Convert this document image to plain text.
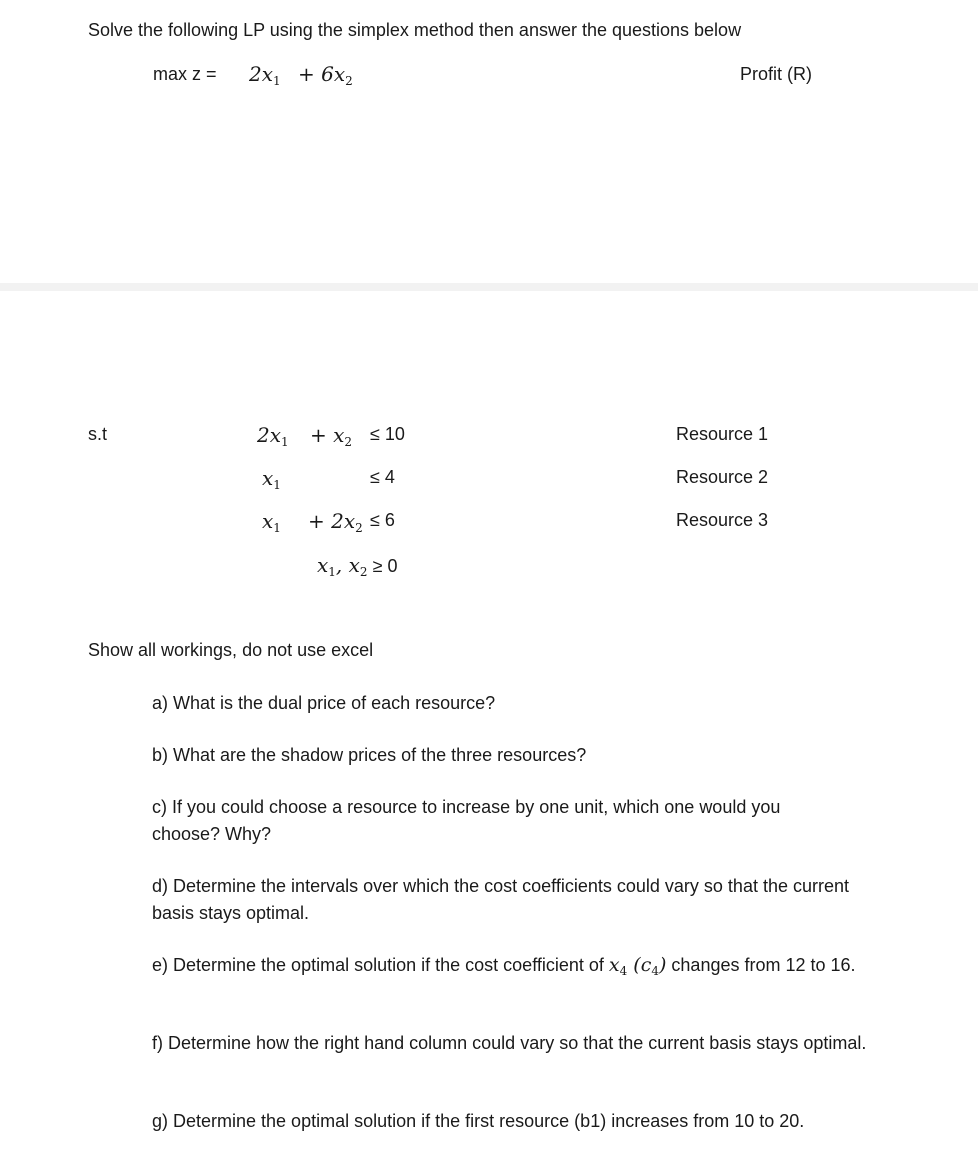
Solve the following LP using the simplex method then answer the questions below
$\max z = 2x_1 + 6x_2$	Profit (R)
s.t	$2x_1 + x_2 \le 10$	Resource 1
$x_1$	≤ 4	Resource 2
$x_1 + 2x_2 \le 6$	Resource 3
$x_1$, $x_2 \ge 0$
Show all workings, do not use excel
a) What is the dual price of each resource?
b) What are the shadow prices of the three resources?
c) If you could choose a resource to increase by one unit, which one would you choose? Why?
d) Determine the intervals over which the cost coefficients could vary so that the current basis stays optimal.
e) Determine the optimal solution if the cost coefficient of $x_4$ $(c_4)$ changes from 12 to 16.
f) Determine how the right hand column could vary so that the current basis stays optimal.
g) Determine the optimal solution if the first resource (b1) increases from 10 to 20.
